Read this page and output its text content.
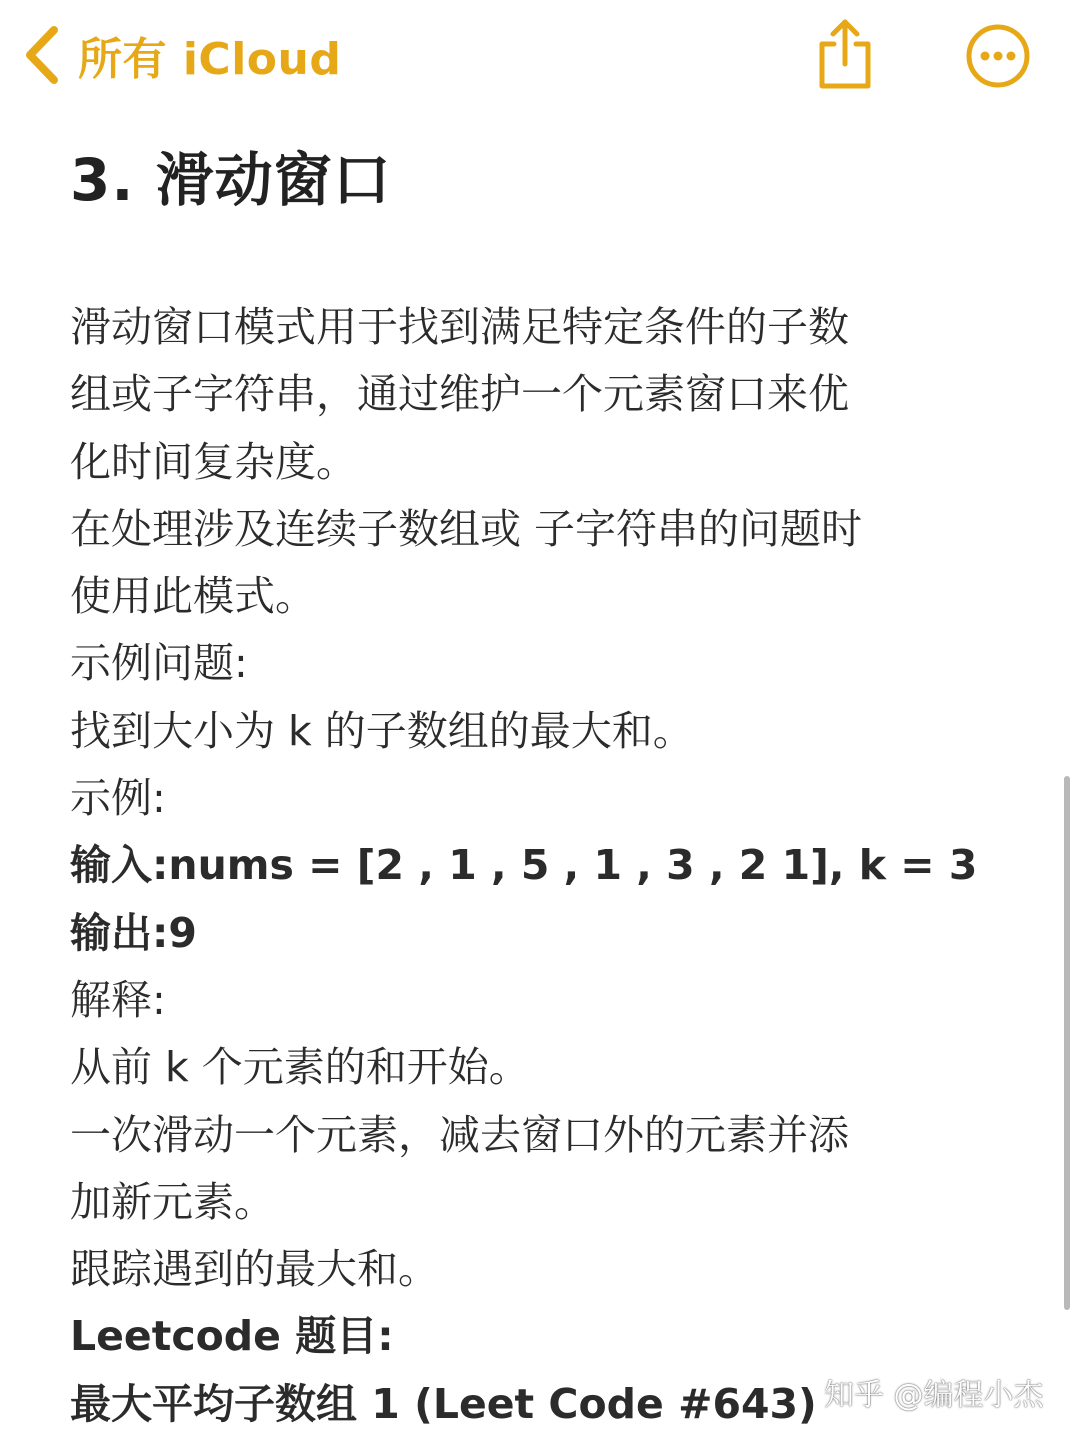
所有 iCloud
3. 滑动窗口
滑动窗口模式用于找到满足特定条件的子数
组或子字符串，通过维护一个元素窗口来优
化时间复杂度。
在处理涉及连续子数组或 子字符串的问题时
使用此模式。
示例问题:
找到大小为 k 的子数组的最大和。
示例:
输入:nums = [2 , 1 , 5 , 1 , 3 , 2 1], k = 3
输出:9
解释:
从前 k 个元素的和开始。
一次滑动一个元素，减去窗口外的元素并添
加新元素。
跟踪遇到的最大和。
Leetcode 题目:
最大平均子数组 1 (Leet Code #643) 知乎 @编程小杰
